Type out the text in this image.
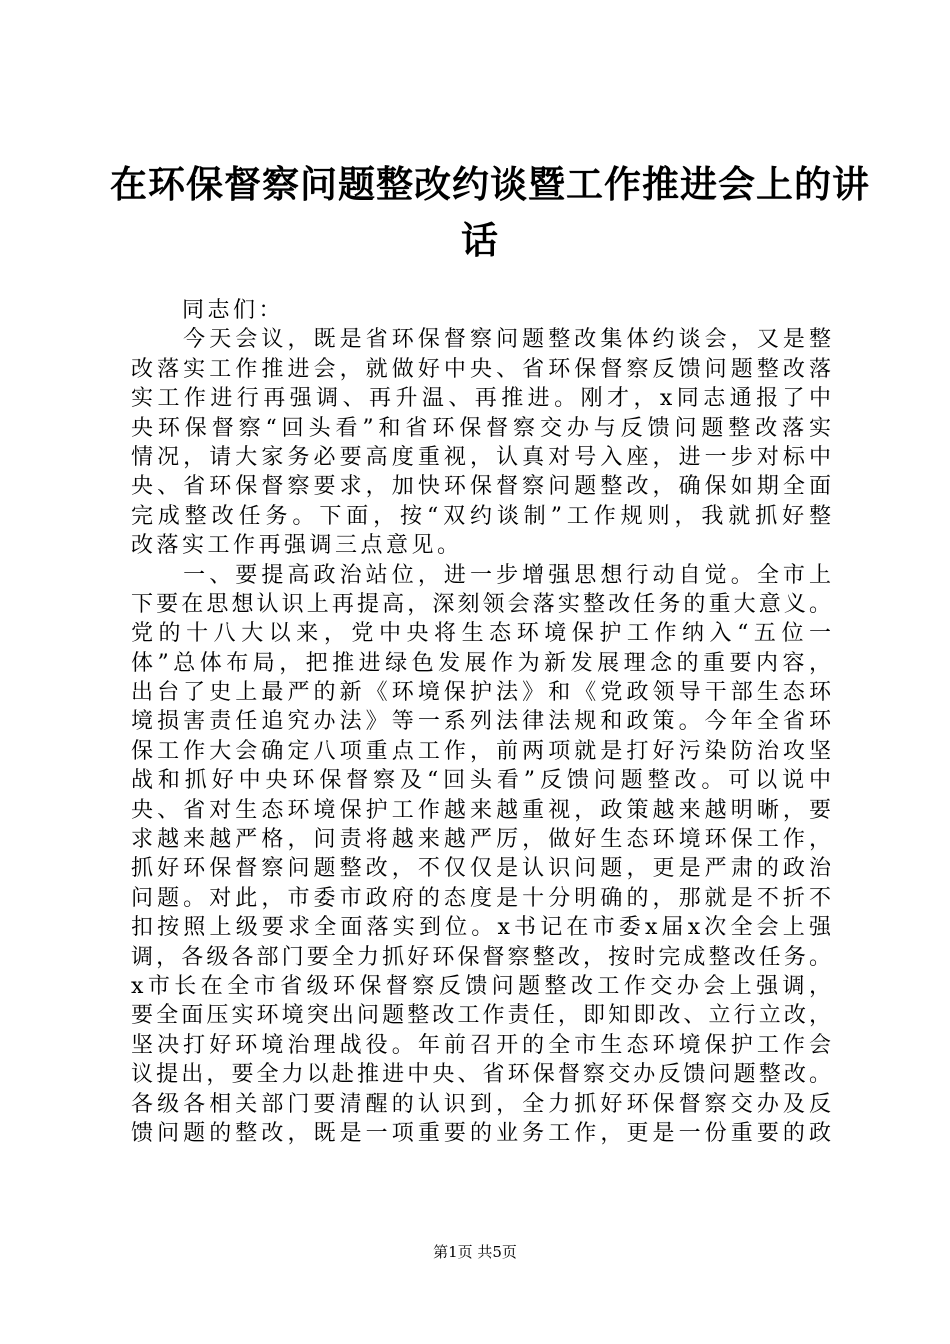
在环保督察问题整改约谈暨工作推进会上的讲
话
　　同志们：
　　今天会议，既是省环保督察问题整改集体约谈会，又是整
改落实工作推进会，就做好中央、省环保督察反馈问题整改落
实工作进行再强调、再升温、再推进。刚才，x同志通报了中
央环保督察“回头看”和省环保督察交办与反馈问题整改落实
情况，请大家务必要高度重视，认真对号入座，进一步对标中
央、省环保督察要求，加快环保督察问题整改，确保如期全面
完成整改任务。下面，按“双约谈制”工作规则，我就抓好整
改落实工作再强调三点意见。
　　一、要提高政治站位，进一步增强思想行动自觉。全市上
下要在思想认识上再提高，深刻领会落实整改任务的重大意义。
党的十八大以来，党中央将生态环境保护工作纳入“五位一
体”总体布局，把推进绿色发展作为新发展理念的重要内容，
出台了史上最严的新《环境保护法》和《党政领导干部生态环
境损害责任追究办法》等一系列法律法规和政策。今年全省环
保工作大会确定八项重点工作，前两项就是打好污染防治攻坚
战和抓好中央环保督察及“回头看”反馈问题整改。可以说中
央、省对生态环境保护工作越来越重视，政策越来越明晰，要
求越来越严格，问责将越来越严厉，做好生态环境环保工作，
抓好环保督察问题整改，不仅仅是认识问题，更是严肃的政治
问题。对此，市委市政府的态度是十分明确的，那就是不折不
扣按照上级要求全面落实到位。x书记在市委x届x次全会上强
调，各级各部门要全力抓好环保督察整改，按时完成整改任务。
x市长在全市省级环保督察反馈问题整改工作交办会上强调，
要全面压实环境突出问题整改工作责任，即知即改、立行立改，
坚决打好环境治理战役。年前召开的全市生态环境保护工作会
议提出，要全力以赴推进中央、省环保督察交办反馈问题整改。
各级各相关部门要清醒的认识到，全力抓好环保督察交办及反
馈问题的整改，既是一项重要的业务工作，更是一份重要的政
第1页 共5页
